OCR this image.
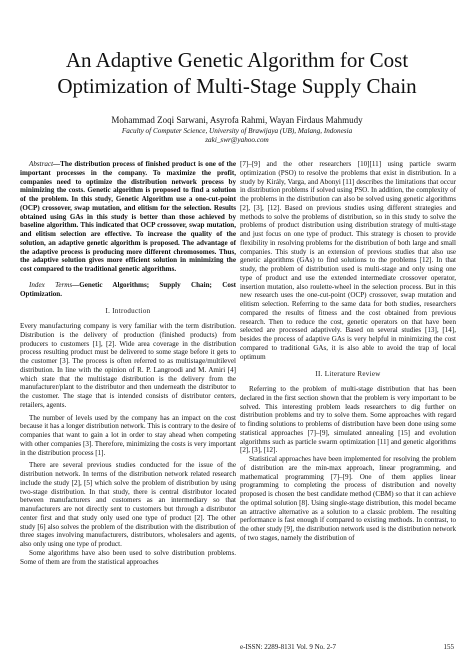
An Adaptive Genetic Algorithm for Cost Optimization of Multi-Stage Supply Chain
Mohammad Zoqi Sarwani, Asyrofa Rahmi, Wayan Firdaus Mahmudy
Faculty of Computer Science, University of Brawijaya (UB), Malang, Indonesia
zaki_swr@yahoo.com

Abstract—The distribution process of finished product is one of the important processes in the company. To maximize the profit, companies need to optimize the distribution network process by minimizing the costs. Genetic algorithm is proposed to find a solution of the problem. In this study, Genetic Algorithm use a one-cut-point (OCP) crossover, swap mutation, and elitism for the selection. Results obtained using GAs in this study is better than those achieved by baseline algorithm. This indicated that OCP crossover, swap mutation, and elitism selection are effective. To increase the quality of the solution, an adaptive genetic algorithm is proposed. The advantage of the adaptive process is producing more different chromosomes. Thus, the adaptive solution gives more efficient solution in minimizing the cost compared to the traditional genetic algorithms.

Index Terms—Genetic Algorithms; Supply Chain; Cost Optimization.

I. Introduction

Every manufacturing company is very familiar with the term distribution. Distribution is the delivery of production (finished products) from producers to customers [1], [2]. Wide area coverage in the distribution process resulting product must be delivered to some stage before it gets to the customer [3]. The process is often referred to as multistage/multilevel distribution. In line with the opinion of R. P. Langroodi and M. Amiri [4] which state that the multistage distribution is the delivery from the manufacturer/plant to the distributor and then underneath the distributor to the customer. The stage that is intended consists of distributor centers, retailers, agents.

The number of levels used by the company has an impact on the cost because it has a longer distribution network. This is contrary to the desire of companies that want to gain a lot in order to stay ahead when competing with other companies [3]. Therefore, minimizing the costs is very important in the distribution process [1].

There are several previous studies conducted for the issue of the distribution network. In terms of the distribution network related research include the study [2], [5] which solve the problem of distribution by using two-stage distribution. In that study, there is central distributor located between manufacturers and customers as an intermediary so that manufacturers are not directly sent to customers but through a distributor center first and that study only used one type of product [2]. The other study [6] also solves the problem of the distribution with the distribution of three stages involving manufacturers, distributors, wholesalers and agents, also only using one type of product.

Some algorithms have also been used to solve distribution problems. Some of them are from the statistical approaches

[7]–[9] and the other researchers [10][11] using particle swarm optimization (PSO) to resolve the problems that exist in distribution. In a study by Király, Varga, and Abonyi [11] describes the limitations that occur in distribution problems if solved using PSO. In addition, the complexity of the problems in the distribution can also be solved using genetic algorithms [2], [3], [12]. Based on previous studies using different strategies and methods to solve the problems of distribution, so in this study to solve the problems of product distribution using distribution strategy of multi-stage and just focus on one type of product. This strategy is chosen to provide flexibility in resolving problems for the distribution of both large and small companies. This study is an extension of previous studies that also use genetic algorithms (GAs) to find solutions to the problems [12]. In that study, the problem of distribution used is multi-stage and only using one type of product and use the extended intermediate crossover operator, insertion mutation, also roulette-wheel in the selection process. But in this new research uses the one-cut-point (OCP) crossover, swap mutation and elitism selection. Referring to the same data for both studies, researchers compared the results of fitness and the cost obtained from previous research. Then to reduce the cost, genetic operators on that have been selected are processed adaptively. Based on several studies [13], [14], besides the process of adaptive GAs is very helpful in minimizing the cost compared to traditional GAs, it is also able to avoid the trap of local optimum

II. Literature Review

Referring to the problem of multi-stage distribution that has been declared in the first section shown that the problem is very important to be solved. This interesting problem leads researchers to dig further on distribution problems and try to solve them. Some approaches with regard to finding solutions to problems of distribution have been done using some statistical approaches [7]–[9], simulated annealing [15] and evolution algorithms such as particle swarm optimization [11] and genetic algorithms [2], [3], [12].

Statistical approaches have been implemented for resolving the problem of distribution are the min-max approach, linear programming, and mathematical programming [7]–[9]. One of them applies linear programming to completing the process of distribution and novelty proposed is chosen the best candidate method (CBM) so that it can achieve the optimal solution [8]. Using single-stage distribution, this model became an attractive alternative as a solution to a classic problem. The resulting performance is fast enough if compared to existing methods. In contrast, to the other study [9], the distribution network used is the distribution network of two stages, namely the distribution of

e-ISSN: 2289-8131 Vol. 9 No. 2-7	155
